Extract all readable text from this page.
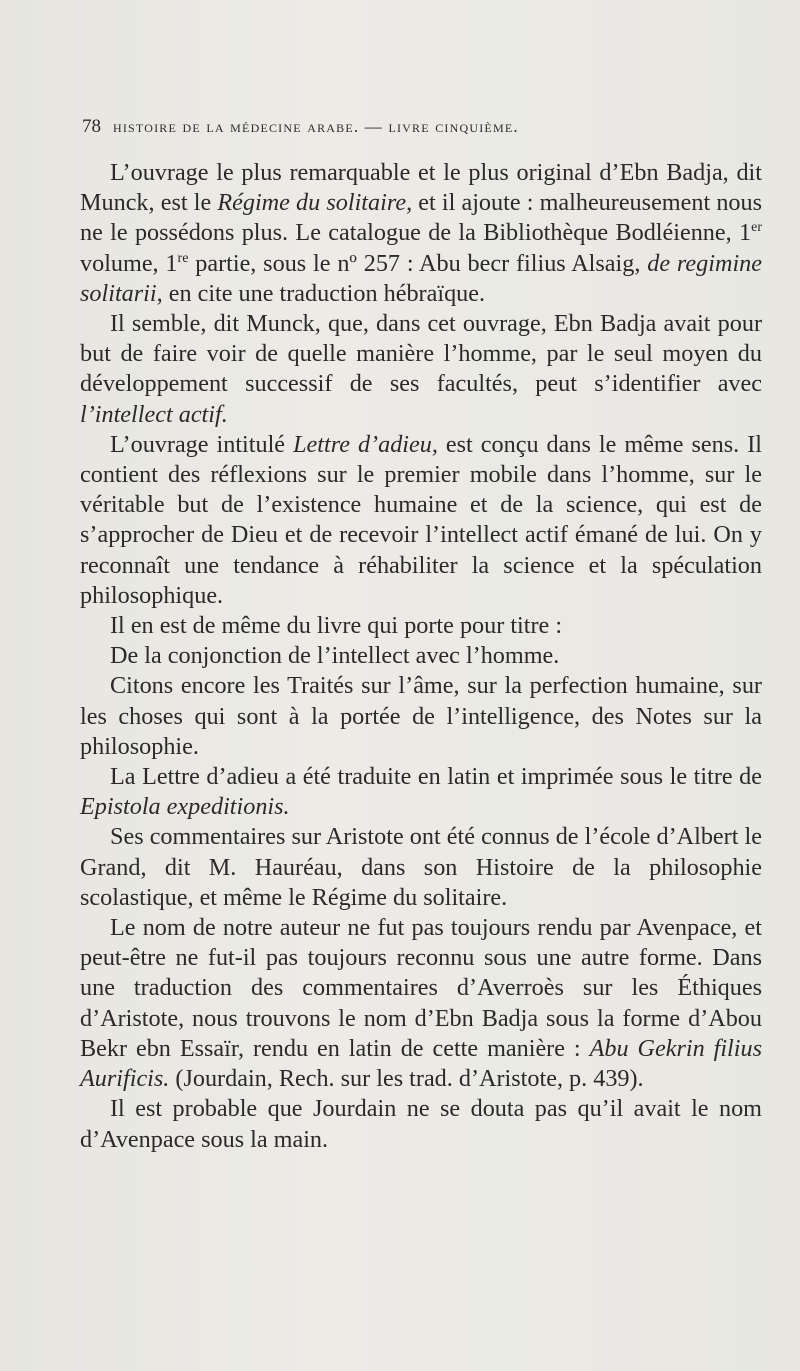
78 histoire de la médecine arabe. — livre cinquième.

L’ouvrage le plus remarquable et le plus original d’Ebn Badja, dit Munck, est le Régime du solitaire, et il ajoute : malheureusement nous ne le possédons plus. Le catalogue de la Bibliothèque Bodléienne, 1er volume, 1re partie, sous le nº 257 : Abu becr filius Alsaig, de regimine solitarii, en cite une traduction hébraïque.

Il semble, dit Munck, que, dans cet ouvrage, Ebn Badja avait pour but de faire voir de quelle manière l’homme, par le seul moyen du développement successif de ses facultés, peut s’identifier avec l’intellect actif.

L’ouvrage intitulé Lettre d’adieu, est conçu dans le même sens. Il contient des réflexions sur le premier mobile dans l’homme, sur le véritable but de l’existence humaine et de la science, qui est de s’approcher de Dieu et de recevoir l’intellect actif émané de lui. On y reconnaît une tendance à réhabiliter la science et la spéculation philosophique.

Il en est de même du livre qui porte pour titre :

De la conjonction de l’intellect avec l’homme.

Citons encore les Traités sur l’âme, sur la perfection humaine, sur les choses qui sont à la portée de l’intelligence, des Notes sur la philosophie.

La Lettre d’adieu a été traduite en latin et imprimée sous le titre de Epistola expeditionis.

Ses commentaires sur Aristote ont été connus de l’école d’Albert le Grand, dit M. Hauréau, dans son Histoire de la philosophie scolastique, et même le Régime du solitaire.

Le nom de notre auteur ne fut pas toujours rendu par Avenpace, et peut-être ne fut-il pas toujours reconnu sous une autre forme. Dans une traduction des commentaires d’Averroès sur les Éthiques d’Aristote, nous trouvons le nom d’Ebn Badja sous la forme d’Abou Bekr ebn Essaïr, rendu en latin de cette manière : Abu Gekrin filius Aurificis. (Jourdain, Rech. sur les trad. d’Aristote, p. 439).

Il est probable que Jourdain ne se douta pas qu’il avait le nom d’Avenpace sous la main.
